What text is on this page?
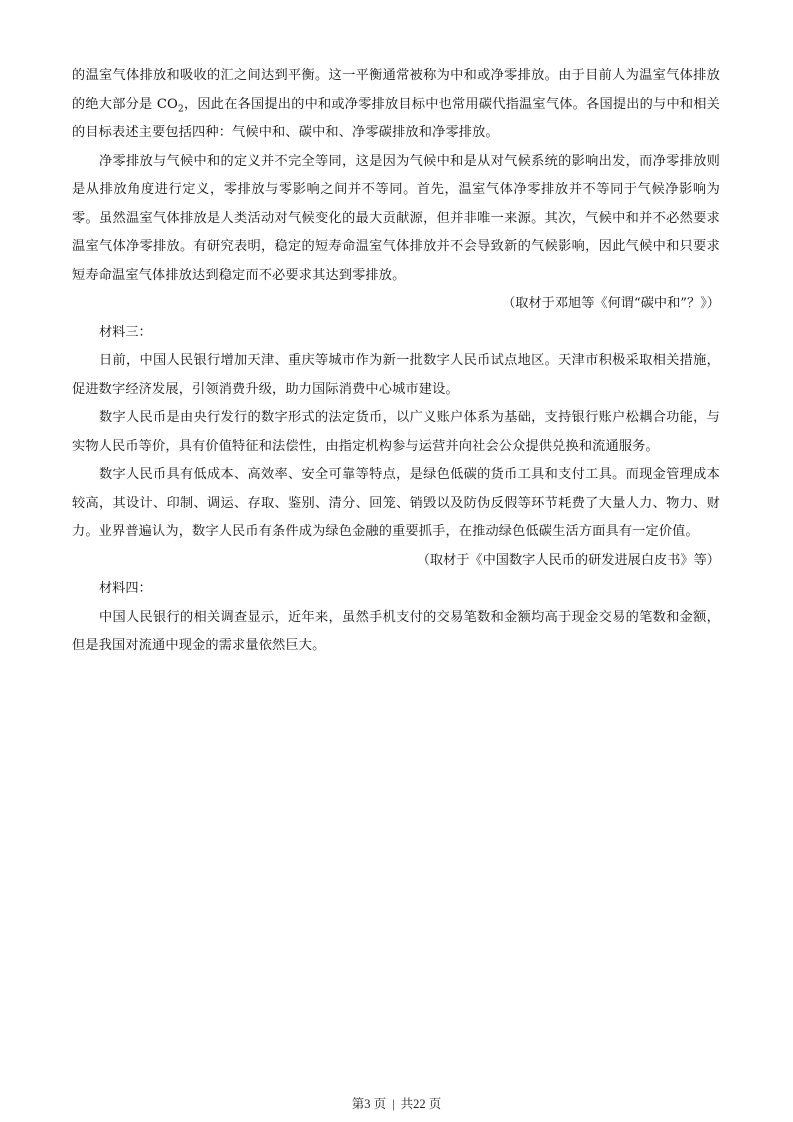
的温室气体排放和吸收的汇之间达到平衡。这一平衡通常被称为中和或净零排放。由于目前人为温室气体排放的绝大部分是 $CO_2$，因此在各国提出的中和或净零排放目标中也常用碳代指温室气体。各国提出的与中和相关的目标表述主要包括四种：气候中和、碳中和、净零碳排放和净零排放。

净零排放与气候中和的定义并不完全等同，这是因为气候中和是从对气候系统的影响出发，而净零排放则是从排放角度进行定义，零排放与零影响之间并不等同。首先，温室气体净零排放并不等同于气候净影响为零。虽然温室气体排放是人类活动对气候变化的最大贡献源，但并非唯一来源。其次，气候中和并不必然要求温室气体净零排放。有研究表明，稳定的短寿命温室气体排放并不会导致新的气候影响，因此气候中和只要求短寿命温室气体排放达到稳定而不必要求其达到零排放。

（取材于邓旭等《何谓“碳中和”？》）

材料三：

日前，中国人民银行增加天津、重庆等城市作为新一批数字人民币试点地区。天津市积极采取相关措施，促进数字经济发展，引领消费升级，助力国际消费中心城市建设。

数字人民币是由央行发行的数字形式的法定货币，以广义账户体系为基础，支持银行账户松耦合功能，与实物人民币等价，具有价值特征和法偿性，由指定机构参与运营并向社会公众提供兑换和流通服务。

数字人民币具有低成本、高效率、安全可靠等特点，是绿色低碳的货币工具和支付工具。而现金管理成本较高，其设计、印制、调运、存取、鉴别、清分、回笼、销毁以及防伪反假等环节耗费了大量人力、物力、财力。业界普遍认为，数字人民币有条件成为绿色金融的重要抓手，在推动绿色低碳生活方面具有一定价值。

（取材于《中国数字人民币的研发进展白皮书》等）

材料四：

中国人民银行的相关调查显示，近年来，虽然手机支付的交易笔数和金额均高于现金交易的笔数和金额，但是我国对流通中现金的需求量依然巨大。

第3 页 | 共22 页
